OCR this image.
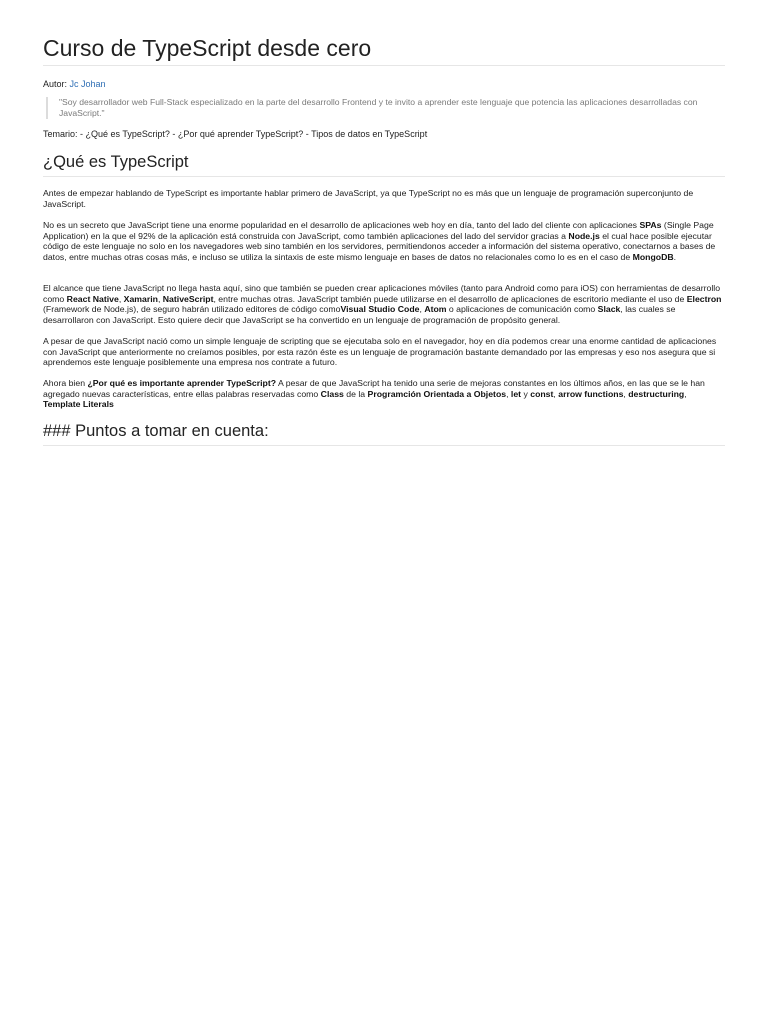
Curso de TypeScript desde cero
Autor: Jc Johan
"Soy desarrollador web Full-Stack especializado en la parte del desarrollo Frontend y te invito a aprender este lenguaje que potencia las aplicaciones desarrolladas con JavaScript."
Temario: - ¿Qué es TypeScript? - ¿Por qué aprender TypeScript? - Tipos de datos en TypeScript
¿Qué es TypeScript

Antes de empezar hablando de TypeScript es importante hablar primero de JavaScript, ya que TypeScript no es más que un lenguaje de programación superconjunto de JavaScript.

No es un secreto que JavaScript tiene una enorme popularidad en el desarrollo de aplicaciones web hoy en día, tanto del lado del cliente con aplicaciones SPAs (Single Page Application) en la que el 92% de la aplicación está construida con JavaScript, como también aplicaciones del lado del servidor gracias a Node.js el cual hace posible ejecutar código de este lenguaje no solo en los navegadores web sino también en los servidores, permitiendonos acceder a información del sistema operativo, conectarnos a bases de datos, entre muchas otras cosas más, e incluso se utiliza la sintaxis de este mismo lenguaje en bases de datos no relacionales como lo es en el caso de MongoDB.

El alcance que tiene JavaScript no llega hasta aquí, sino que también se pueden crear aplicaciones móviles (tanto para Android como para iOS) con herramientas de desarrollo como React Native, Xamarin, NativeScript, entre muchas otras. JavaScript también puede utilizarse en el desarrollo de aplicaciones de escritorio mediante el uso de Electron (Framework de Node.js), de seguro habrán utilizado editores de código comoVisual Studio Code, Atom o aplicaciones de comunicación como Slack, las cuales se desarrollaron con JavaScript. Esto quiere decir que JavaScript se ha convertido en un lenguaje de programación de propósito general.

A pesar de que JavaScript nació como un simple lenguaje de scripting que se ejecutaba solo en el navegador, hoy en día podemos crear una enorme cantidad de aplicaciones con JavaScript que anteriormente no creíamos posibles, por esta razón éste es un lenguaje de programación bastante demandado por las empresas y eso nos asegura que si aprendemos este lenguaje posiblemente una empresa nos contrate a futuro.

Ahora bien ¿Por qué es importante aprender TypeScript? A pesar de que JavaScript ha tenido una serie de mejoras constantes en los últimos años, en las que se le han agregado nuevas características, entre ellas palabras reservadas como Class de la Programción Orientada a Objetos, let y const, arrow functions, destructuring, Template Literals

### Puntos a tomar en cuenta:
